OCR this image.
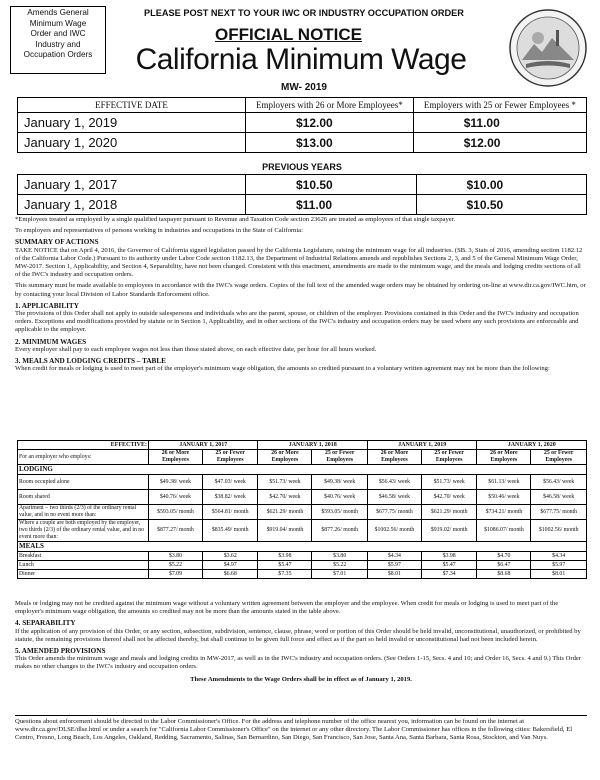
Amends General
Minimum Wage
Order and IWC
Industry and
Occupation Orders
PLEASE POST NEXT TO YOUR IWC OR INDUSTRY OCCUPATION ORDER
OFFICIAL NOTICE
California Minimum Wage
MW- 2019
EFFECTIVE DATE	Employers with 26 or More Employees*	Employers with 25 or Fewer Employees *
January 1, 2019	$12.00	$11.00
January 1, 2020	$13.00	$12.00
PREVIOUS YEARS
January 1, 2017	$10.50	$10.00
January 1, 2018	$11.00	$10.50
*Employees treated as employed by a single qualified taxpayer pursuant to Revenue and Taxation Code section 23626 are treated as employees of that single taxpayer.
To employers and representatives of persons working in industries and occupations in the State of California:
SUMMARY OF ACTIONS
TAKE NOTICE that on April 4, 2016, the Governor of California signed legislation passed by the California Legislature, raising the minimum wage for all industries. (SB. 3, Stats of 2016, amending section 1182.12 of the California Labor Code.) Pursuant to its authority under Labor Code section 1182.13, the Department of Industrial Relations amends and republishes Sections 2, 3, and 5 of the General Minimum Wage Order, MW-2017. Section 1, Applicability, and Section 4, Separability, have not been changed. Consistent with this enactment, amendments are made to the minimum wage, and the meals and lodging credits sections of all of the IWC's industry and occupation orders.
This summary must be made available to employees in accordance with the IWC's wage orders. Copies of the full text of the amended wage orders may be obtained by ordering on-line at www.dir.ca.gov/IWC.htm, or by contacting your local Division of Labor Standards Enforcement office.
1. APPLICABILITY
The provisions of this Order shall not apply to outside salespersons and individuals who are the parent, spouse, or children of the employer. Provisions contained in this Order and the IWC's industry and occupation orders. Exceptions and modifications provided by statute or in Section 1, Applicability, and in other sections of the IWC's industry and occupation orders may be used where any such provisions are enforceable and applicable to the employer.
2. MINIMUM WAGES
Every employer shall pay to each employee wages not less than those stated above, on each effective date, per hour for all hours worked.
3. MEALS AND LODGING CREDITS – TABLE
When credit for meals or lodging is used to meet part of the employer's minimum wage obligation, the amounts so credited pursuant to a voluntary written agreement may not be more than the following:
EFFECTIVE:	JANUARY 1, 2017		JANUARY 1, 2018		JANUARY 1, 2019		JANUARY 1, 2020	
For an employer who employs:	26 or More Employees	25 or Fewer Employees	26 or More Employees	25 or Fewer Employees	26 or More Employees	25 or Fewer Employees	26 or More Employees	25 or Fewer Employees
LODGING								
Room occupied alone	$49.38/ week	$47.03/ week	$51.73/ week	$49.38/ week	$56.43/ week	$51.73/ week	$61.13/ week	$56.43/ week
Room shared	$40.76/ week	$38.82/ week	$42.70/ week	$40.76/ week	$46.58/ week	$42.70/ week	$50.46/ week	$46.58/ week
Apartment – two thirds (2/3) of the ordinary rental value, and in no event more than:	$593.05/ month	$564.81/ month	$621.29/ month	$593.05/ month	$677.75/ month	$621.29/ month	$734.21/ month	$677.75/ month
Where a couple are both employed by the employer, two thirds (2/3) of the ordinary rental value, and in no event more than:	$877.27/ month	$835.49/ month	$919.04/ month	$877.26/ month	$1002.56/ month	$919.02/ month	$1086.07/ month	$1002.56/ month
MEALS								
Breakfast	$3.80	$3.62	$3.98	$3.80	$4.34	$3.98	$4.70	$4.34
Lunch	$5.22	$4.97	$5.47	$5.22	$5.97	$5.47	$6.47	$5.97
Dinner	$7.09	$6.68	$7.35	$7.01	$8.01	$7.34	$8.68	$8.01
Meals or lodging may not be credited against the minimum wage without a voluntary written agreement between the employer and the employee. When credit for meals or lodging is used to meet part of the employer's minimum wage obligation, the amounts so credited may not be more than the amounts stated in the table above.
4. SEPARABILITY
If the application of any provision of this Order, or any section, subsection, subdivision, sentence, clause, phrase, word or portion of this Order should be held invalid, unconstitutional, unauthorized, or prohibited by statute, the remaining provisions thereof shall not be affected thereby, but shall continue to be given full force and effect as if the part so held invalid or unconstitutional had not been included herein.
5. AMENDED PROVISIONS
This Order amends the minimum wage and meals and lodging credits in MW-2017, as well as in the IWC's industry and occupation orders. (See Orders 1-15, Secs. 4 and 10; and Order 16, Secs. 4 and 9.) This Order makes no other changes to the IWC's industry and occupation orders.
These Amendments to the Wage Orders shall be in effect as of January 1, 2019.
Questions about enforcement should be directed to the Labor Commissioner's Office. For the address and telephone number of the office nearest you, information can be found on the internet at www.dir.ca.gov/DLSE/dlse.html or under a search for "California Labor Commissioner's Office" on the internet or any other directory. The Labor Commissioner has offices in the following cities: Bakersfield, El Centro, Fresno, Long Beach, Los Angeles, Oakland, Redding, Sacramento, Salinas, San Bernardino, San Diego, San Francisco, San Jose, Santa Ana, Santa Barbara, Santa Rosa, Stockton, and Van Nuys.
